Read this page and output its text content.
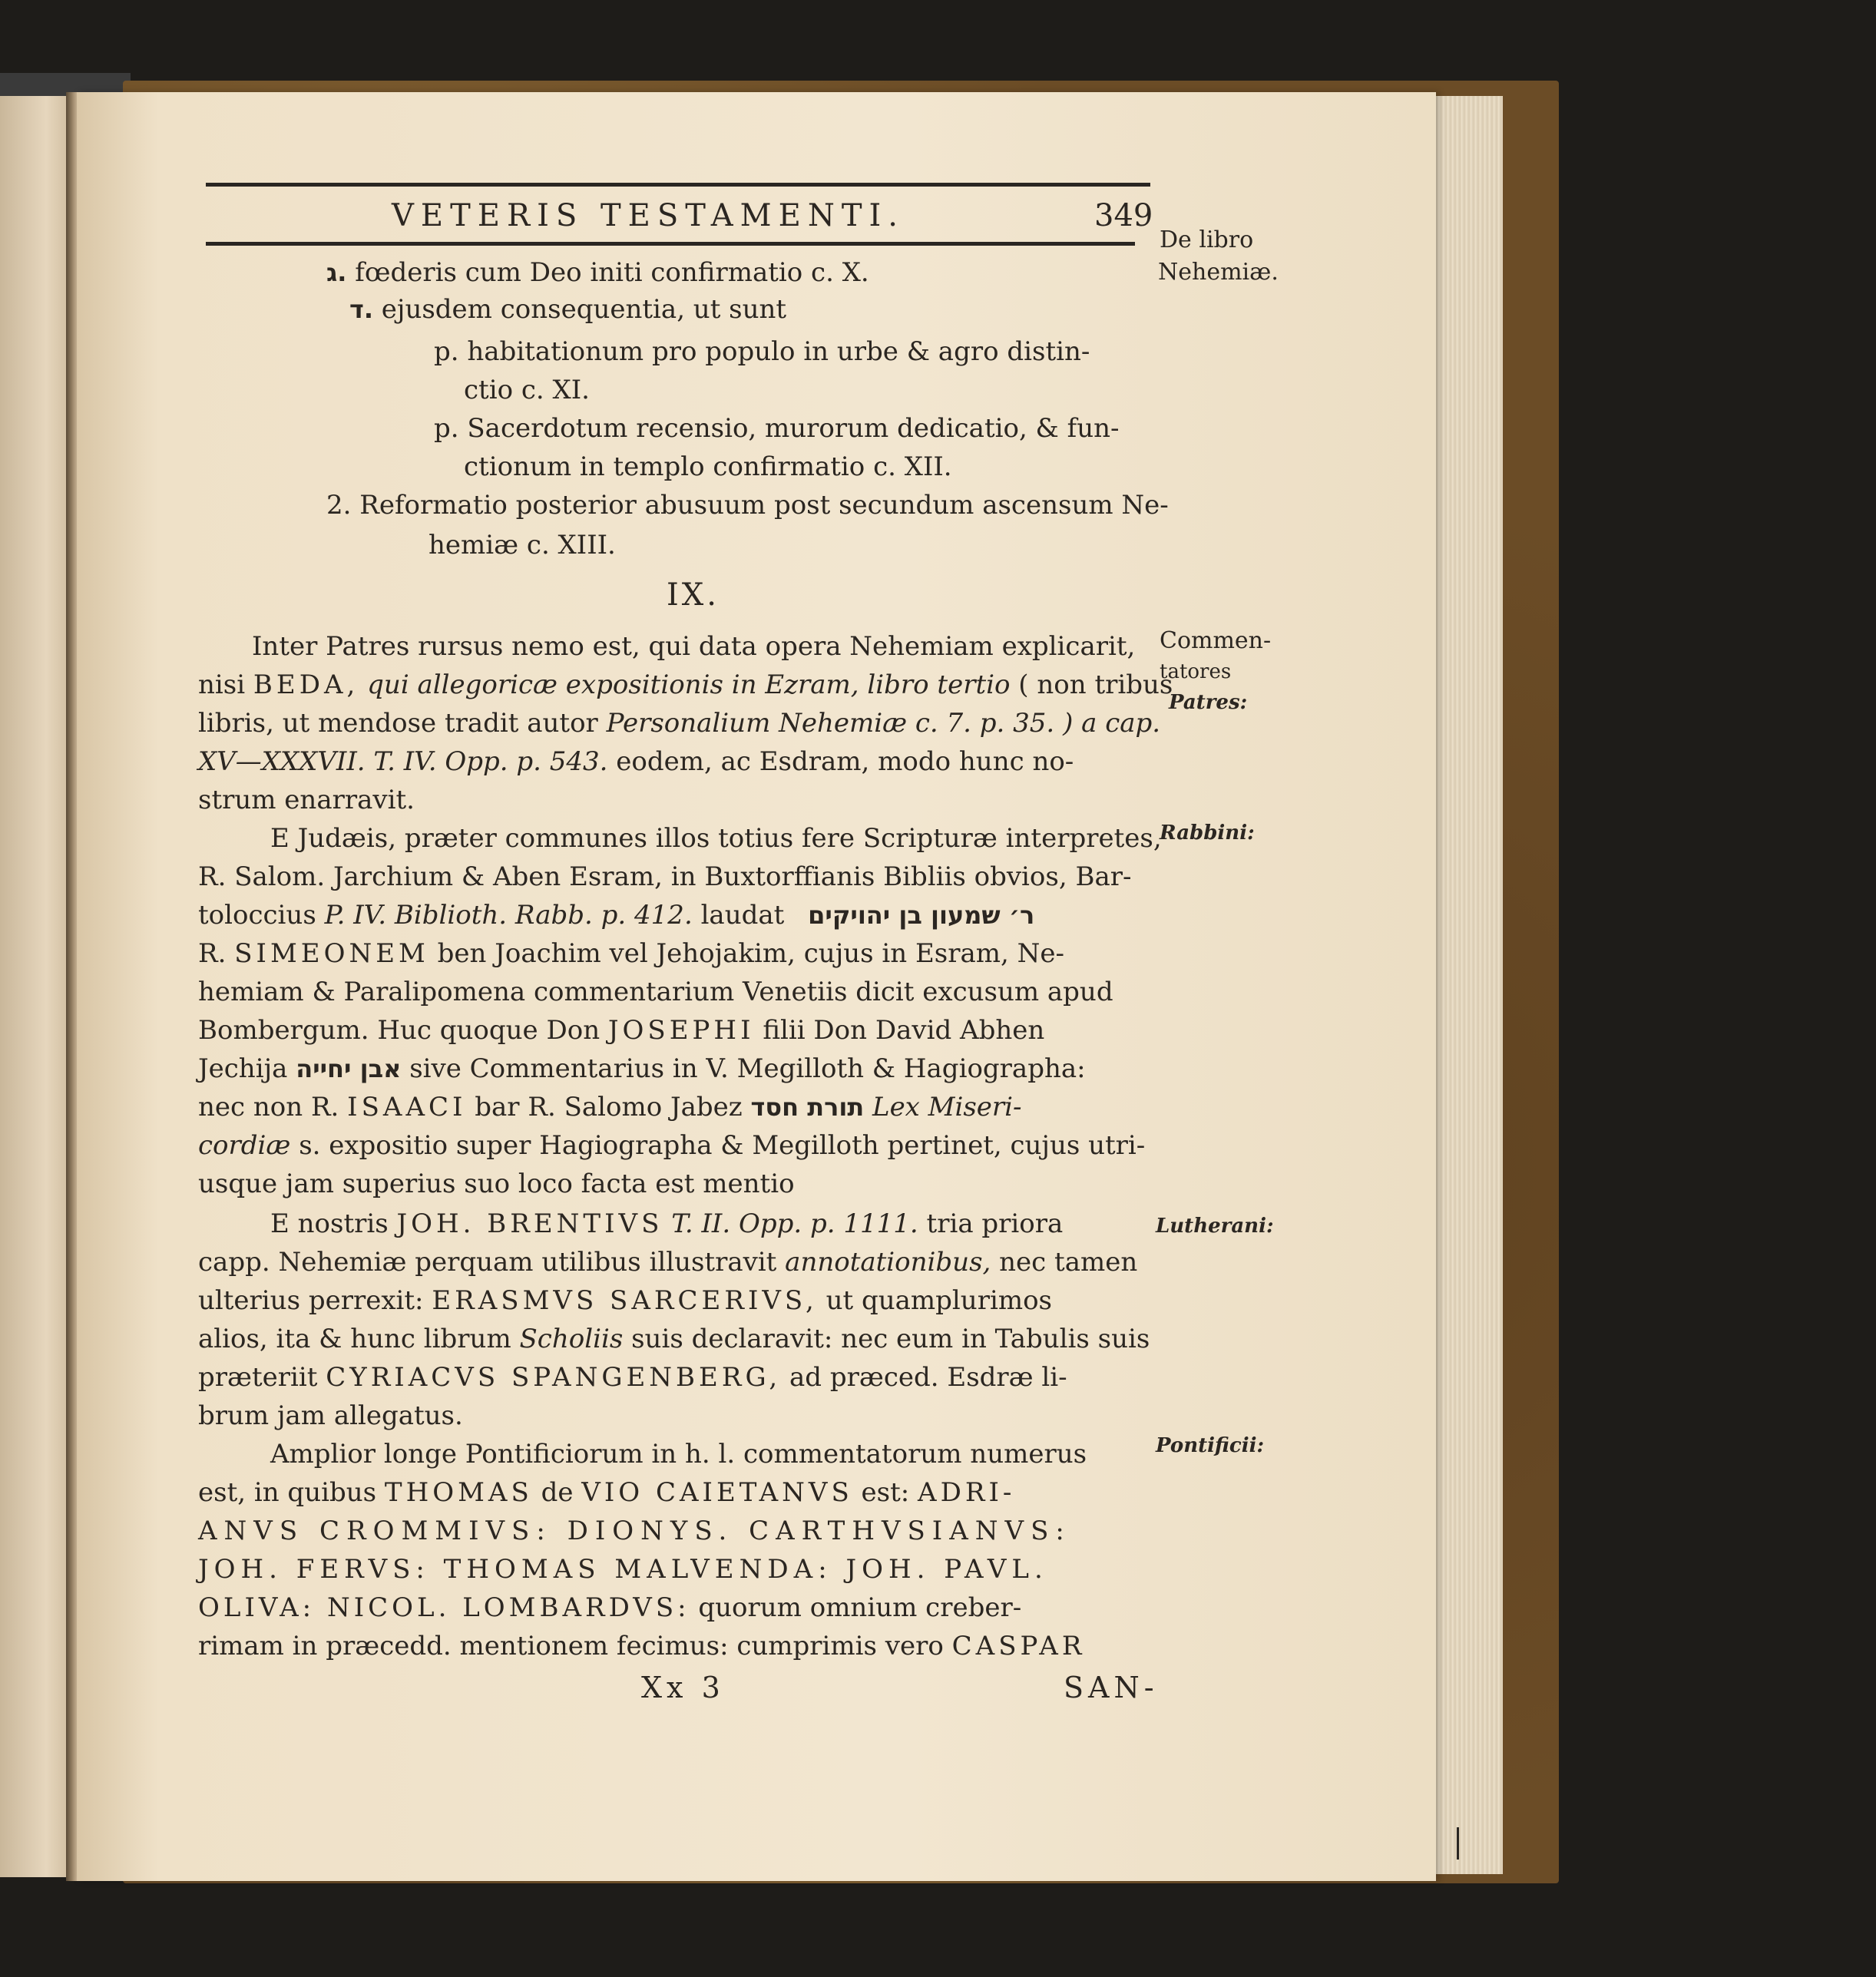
VETERIS TESTAMENTI.	349
De libro
Nehemiæ.
Commen-
tatores
Patres:
Rabbini:
Lutherani:
Pontificii:
ג. fœderis cum Deo initi confirmatio c. X.
ד. ejusdem consequentia, ut sunt
p. habitationum pro populo in urbe & agro distin-
ctio c. XI.
p. Sacerdotum recensio, murorum dedicatio, & fun-
ctionum in templo confirmatio c. XII.
2. Reformatio posterior abusuum post secundum ascensum Ne-
hemiæ c. XIII.
IX.
Inter Patres rursus nemo est, qui data opera Nehemiam explicarit,
nisi BEDA, qui allegoricæ expositionis in Ezram, libro tertio ( non tribus
libris, ut mendose tradit autor Personalium Nehemiæ c. 7. p. 35. ) a cap.
XV—XXXVII. T. IV. Opp. p. 543. eodem, ac Esdram, modo hunc no-
strum enarravit.
E Judæis, præter communes illos totius fere Scripturæ interpretes,
R. Salom. Jarchium & Aben Esram, in Buxtorffianis Bibliis obvios, Bar-
toloccius P. IV. Biblioth. Rabb. p. 412. laudat ר׳ שמעון בן יהויקים
R. SIMEONEM ben Joachim vel Jehojakim, cujus in Esram, Ne-
hemiam & Paralipomena commentarium Venetiis dicit excusum apud
Bombergum. Huc quoque Don JOSEPHI filii Don David Abhen
Jechija אבן יחייה sive Commentarius in V. Megilloth & Hagiographa:
nec non R. ISAACI bar R. Salomo Jabez תורת חסד Lex Miseri-
cordiæ s. expositio super Hagiographa & Megilloth pertinet, cujus utri-
usque jam superius suo loco facta est mentio
E nostris JOH. BRENTIVS T. II. Opp. p. 1111. tria priora
capp. Nehemiæ perquam utilibus illustravit annotationibus, nec tamen
ulterius perrexit: ERASMVS SARCERIVS, ut quamplurimos
alios, ita & hunc librum Scholiis suis declaravit: nec eum in Tabulis suis
præteriit CYRIACVS SPANGENBERG, ad præced. Esdræ li-
brum jam allegatus.
Amplior longe Pontificiorum in h. l. commentatorum numerus
est, in quibus THOMAS de VIO CAIETANVS est: ADRI-
ANVS CROMMIVS: DIONYS. CARTHVSIANVS:
JOH. FERVS: THOMAS MALVENDA: JOH. PAVL.
OLIVA: NICOL. LOMBARDVS: quorum omnium creber-
rimam in præcedd. mentionem fecimus: cumprimis vero CASPAR
Xx 3	SAN-
